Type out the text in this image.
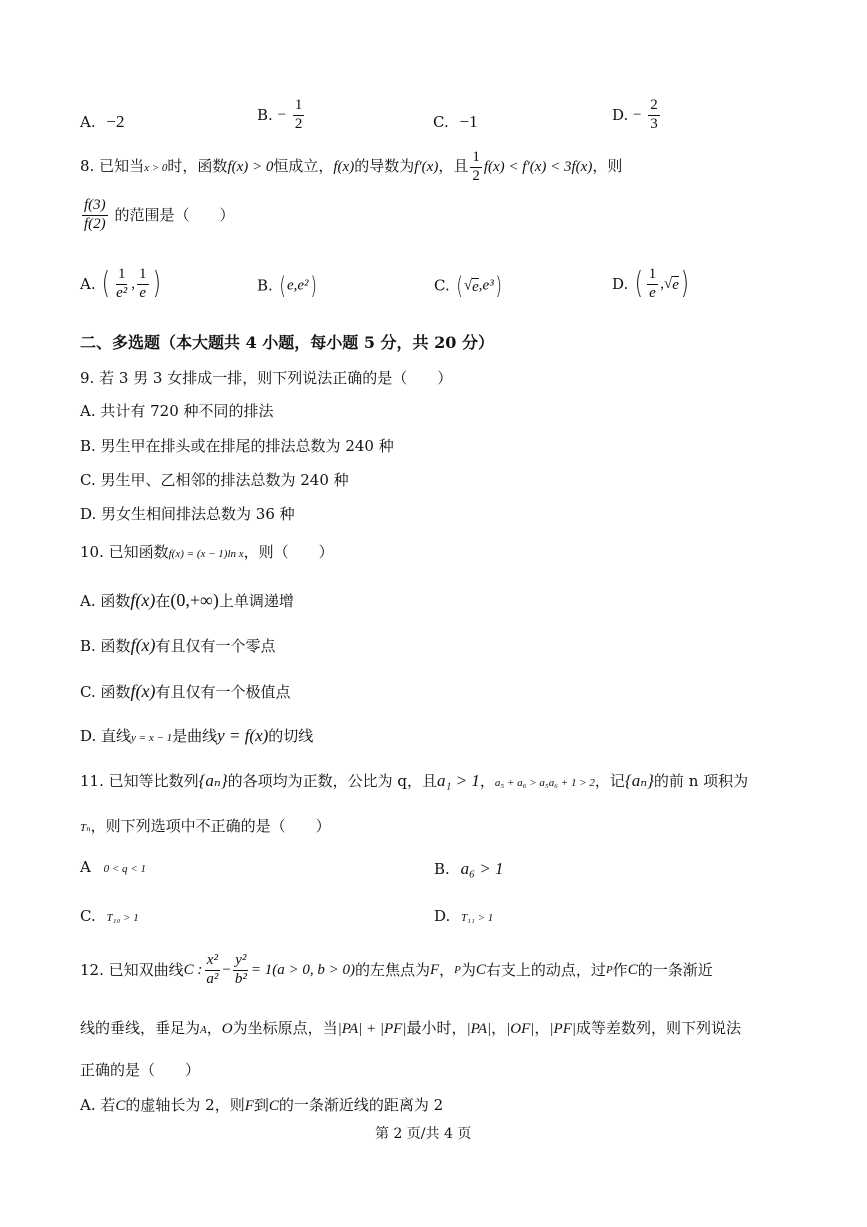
A. −2	B. − $\frac{1}{2}$	C. −1	D. − $\frac{2}{3}$
8. 已知当x > 0时，函数f(x) > 0恒成立，f(x)的导数为f′(x)，且 $\frac{1}{2} f(x) < f'(x) < 3f(x)$，则
$\frac{f(3)}{f(2)}$ 的范围是（　　）
A. ( $\frac{1}{\text{e²}}$ , $\frac{1}{e}$ )	B. (e,e²)	C. (√e,e³)	D. ( $\frac{1}{e} ,√e$)
二、多选题（本大题共 4 小题，每小题 5 分，共 20 分）
9. 若 3 男 3 女排成一排，则下列说法正确的是（　　）
A. 共计有 720 种不同的排法
B. 男生甲在排头或在排尾的排法总数为 240 种
C. 男生甲、乙相邻的排法总数为 240 种
D. 男女生相间排法总数为 36 种
10. 已知函数f(x) = (x − 1)ln x，则（　　）
A. 函数f(x)在(0,+∞)上单调递增
B. 函数f(x)有且仅有一个零点
C. 函数f(x)有且仅有一个极值点
D. 直线y = x − 1是曲线y = f(x)的切线
11. 已知等比数列{aₙ}的各项均为正数，公比为 q，且a₁ > 1，a₅ + a₆ > a₅a₆ + 1 > 2，记{aₙ}的前 n 项积为
Tₙ，则下列选项中不正确的是（　　）
A 0 < q < 1	B. a₆ > 1
C. T₁₀ > 1	D. T₁₁ > 1
12. 已知双曲线C : $\frac{\text{x²}}{\text{a²}} - \frac{\text{y²}}{\text{b²}} = 1(a > 0$, b > 0)的左焦点为F，P为C右支上的动点，过P作C的一条渐近
线的垂线，垂足为A，O为坐标原点，当|PA| + |PF|最小时，|PA|，|OF|，|PF|成等差数列，则下列说法
正确的是（　　）
A. 若C的虚轴长为 2，则F到C的一条渐近线的距离为 2
第 2 页/共 4 页
